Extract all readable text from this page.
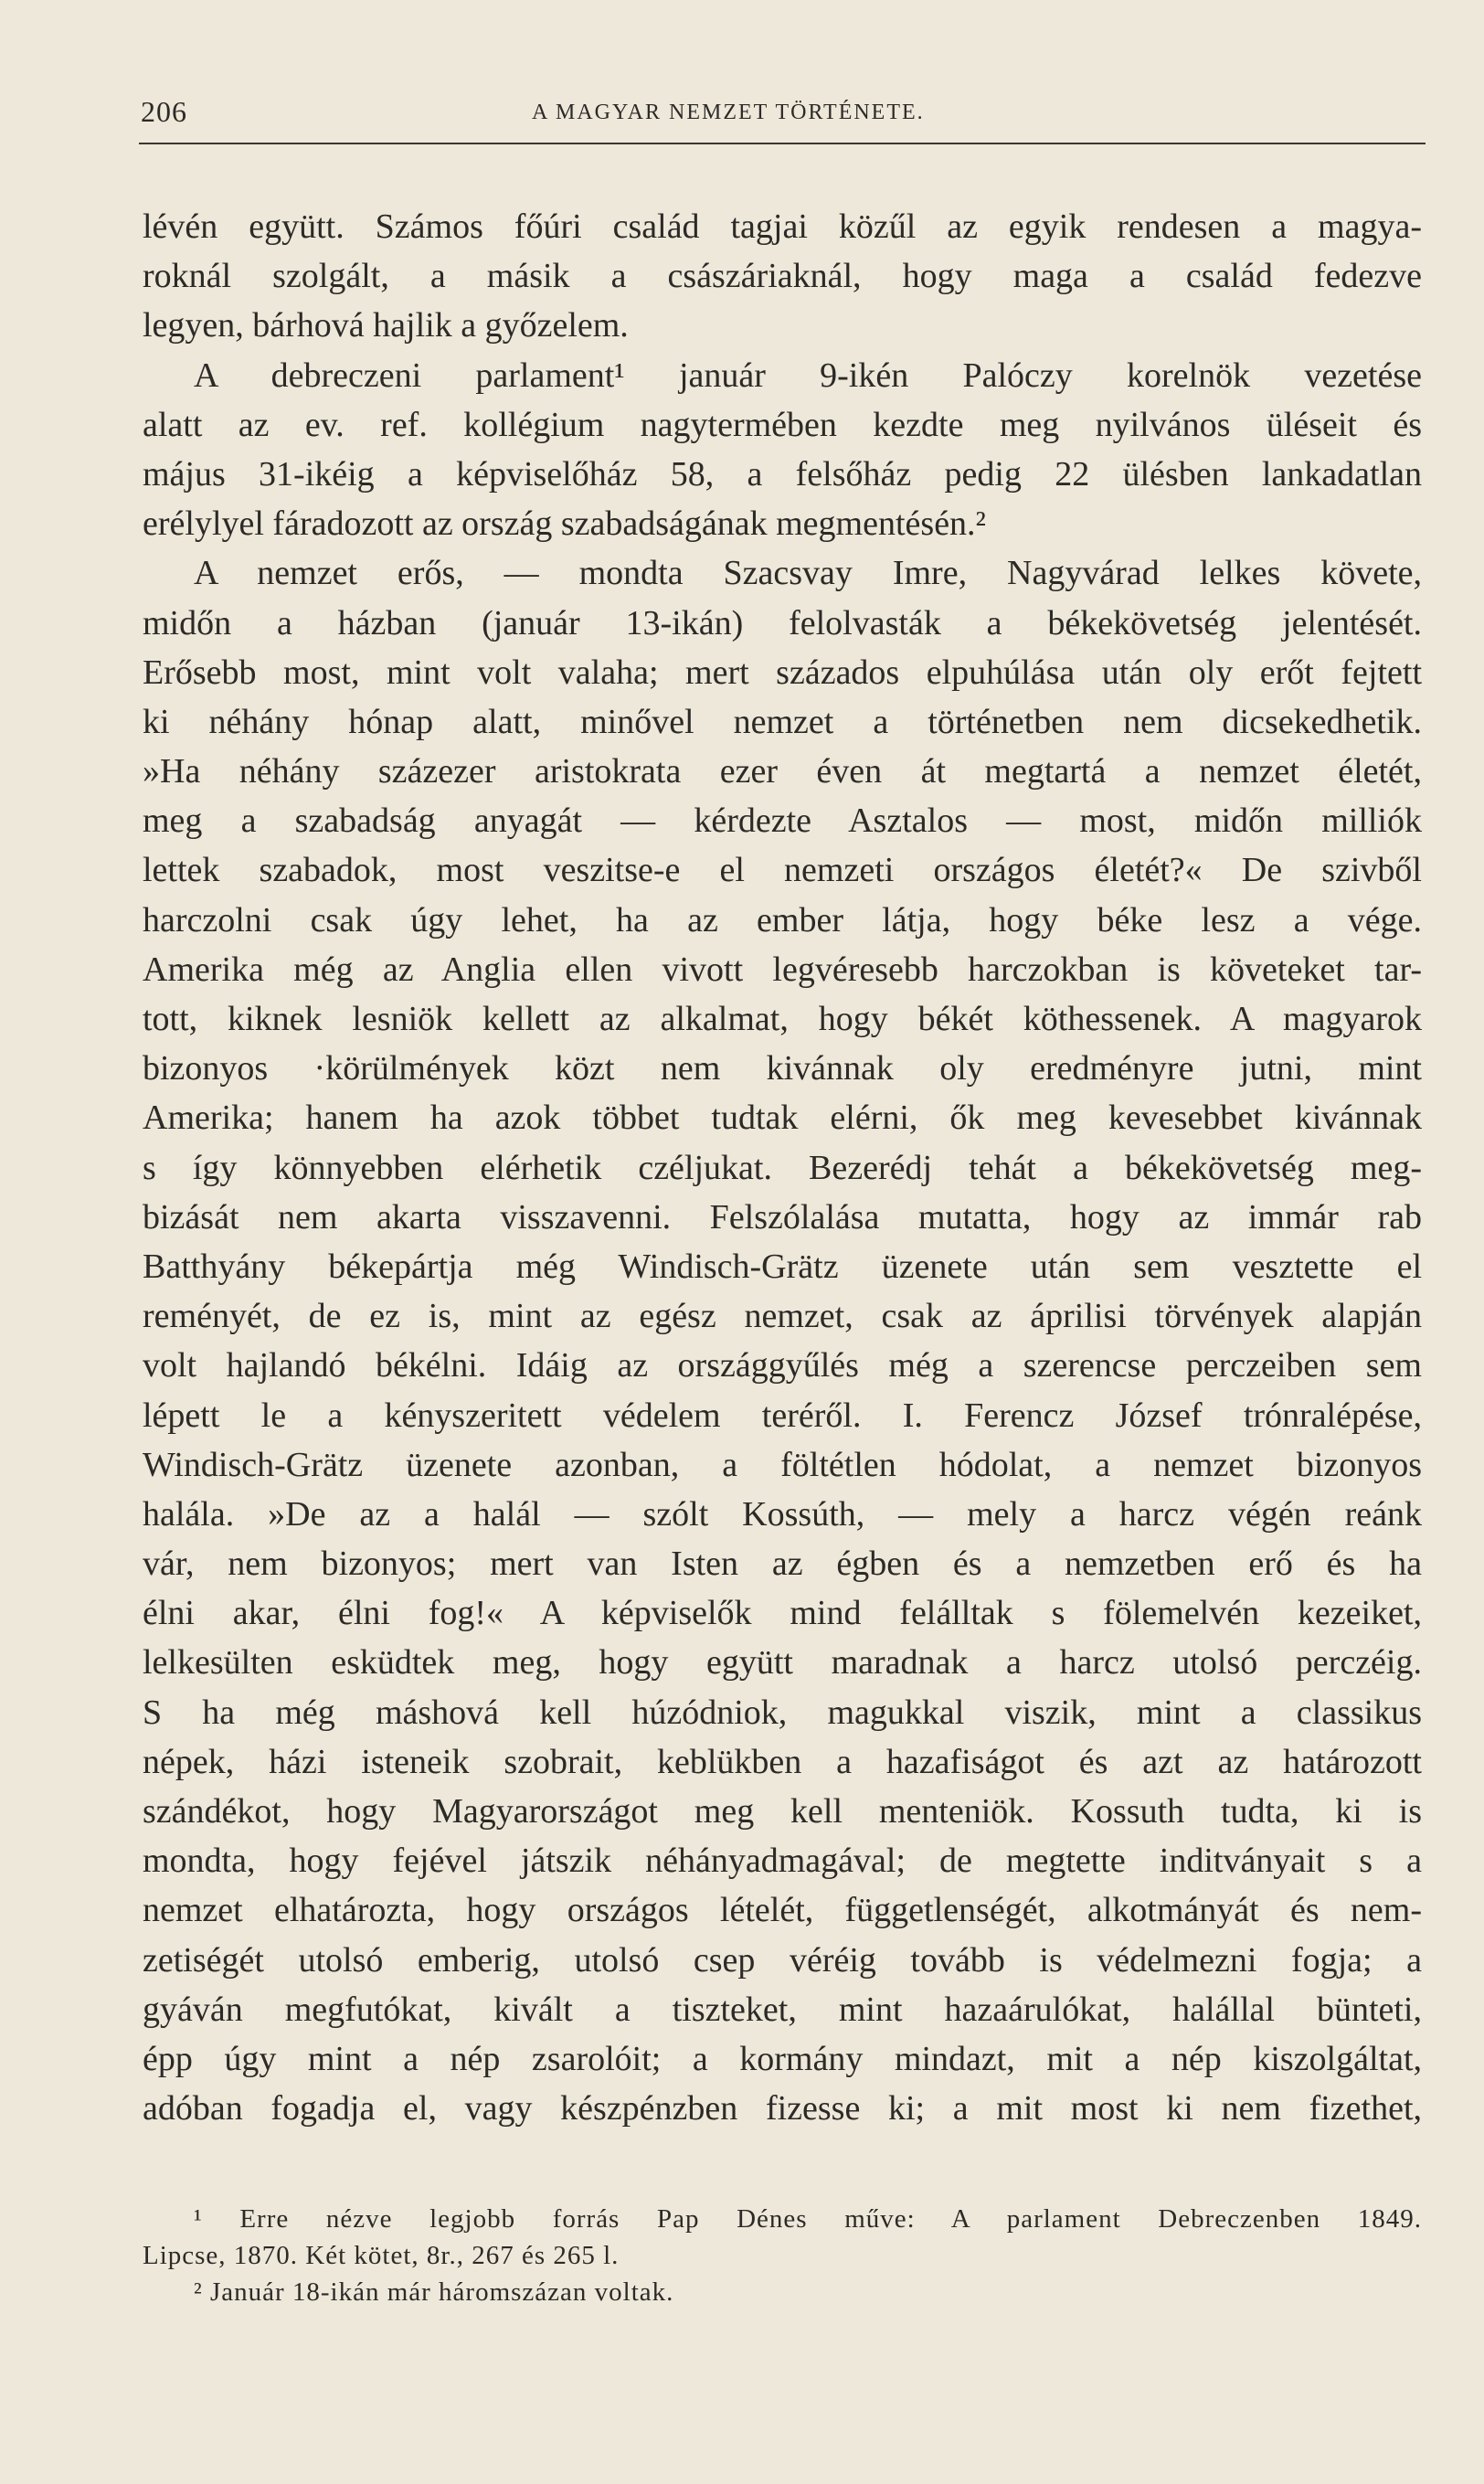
206	A MAGYAR NEMZET TÖRTÉNETE.
lévén együtt. Számos főúri család tagjai közűl az egyik rendesen a magya-
roknál szolgált, a másik a császáriaknál, hogy maga a család fedezve
legyen, bárhová hajlik a győzelem.
A debreczeni parlament¹ január 9-ikén Palóczy korelnök vezetése
alatt az ev. ref. kollégium nagytermében kezdte meg nyilvános üléseit és
május 31-ikéig a képviselőház 58, a felsőház pedig 22 ülésben lankadatlan
erélylyel fáradozott az ország szabadságának megmentésén.²
A nemzet erős, — mondta Szacsvay Imre, Nagyvárad lelkes követe,
midőn a házban (január 13-ikán) felolvasták a békekövetség jelentését.
Erősebb most, mint volt valaha; mert százados elpuhúlása után oly erőt fejtett
ki néhány hónap alatt, minővel nemzet a történetben nem dicsekedhetik.
»Ha néhány százezer aristokrata ezer éven át megtartá a nemzet életét,
meg a szabadság anyagát — kérdezte Asztalos — most, midőn milliók
lettek szabadok, most veszitse-e el nemzeti országos életét?« De szivből
harczolni csak úgy lehet, ha az ember látja, hogy béke lesz a vége.
Amerika még az Anglia ellen vivott legvéresebb harczokban is követeket tar-
tott, kiknek lesniök kellett az alkalmat, hogy békét köthessenek. A magyarok
bizonyos ·körülmények közt nem kivánnak oly eredményre jutni, mint
Amerika; hanem ha azok többet tudtak elérni, ők meg kevesebbet kivánnak
s így könnyebben elérhetik czéljukat. Bezerédj tehát a békekövetség meg-
bizását nem akarta visszavenni. Felszólalása mutatta, hogy az immár rab
Batthyány békepártja még Windisch-Grätz üzenete után sem vesztette el
reményét, de ez is, mint az egész nemzet, csak az áprilisi törvények alapján
volt hajlandó békélni. Idáig az országgyűlés még a szerencse perczeiben sem
lépett le a kényszeritett védelem teréről. I. Ferencz József trónralépése,
Windisch-Grätz üzenete azonban, a föltétlen hódolat, a nemzet bizonyos
halála. »De az a halál — szólt Kossúth, — mely a harcz végén reánk
vár, nem bizonyos; mert van Isten az égben és a nemzetben erő és ha
élni akar, élni fog!« A képviselők mind felálltak s fölemelvén kezeiket,
lelkesülten esküdtek meg, hogy együtt maradnak a harcz utolsó perczéig.
S ha még máshová kell húzódniok, magukkal viszik, mint a classikus
népek, házi isteneik szobrait, keblükben a hazafiságot és azt az határozott
szándékot, hogy Magyarországot meg kell menteniök. Kossuth tudta, ki is
mondta, hogy fejével játszik néhányadmagával; de megtette inditványait s a
nemzet elhatározta, hogy országos lételét, függetlenségét, alkotmányát és nem-
zetiségét utolsó emberig, utolsó csep véréig tovább is védelmezni fogja; a
gyáván megfutókat, kivált a tiszteket, mint hazaárulókat, halállal bünteti,
épp úgy mint a nép zsarolóit; a kormány mindazt, mit a nép kiszolgáltat,
adóban fogadja el, vagy készpénzben fizesse ki; a mit most ki nem fizethet,
¹ Erre nézve legjobb forrás Pap Dénes műve: A parlament Debreczenben 1849.
Lipcse, 1870. Két kötet, 8r., 267 és 265 l.
² Január 18-ikán már háromszázan voltak.
